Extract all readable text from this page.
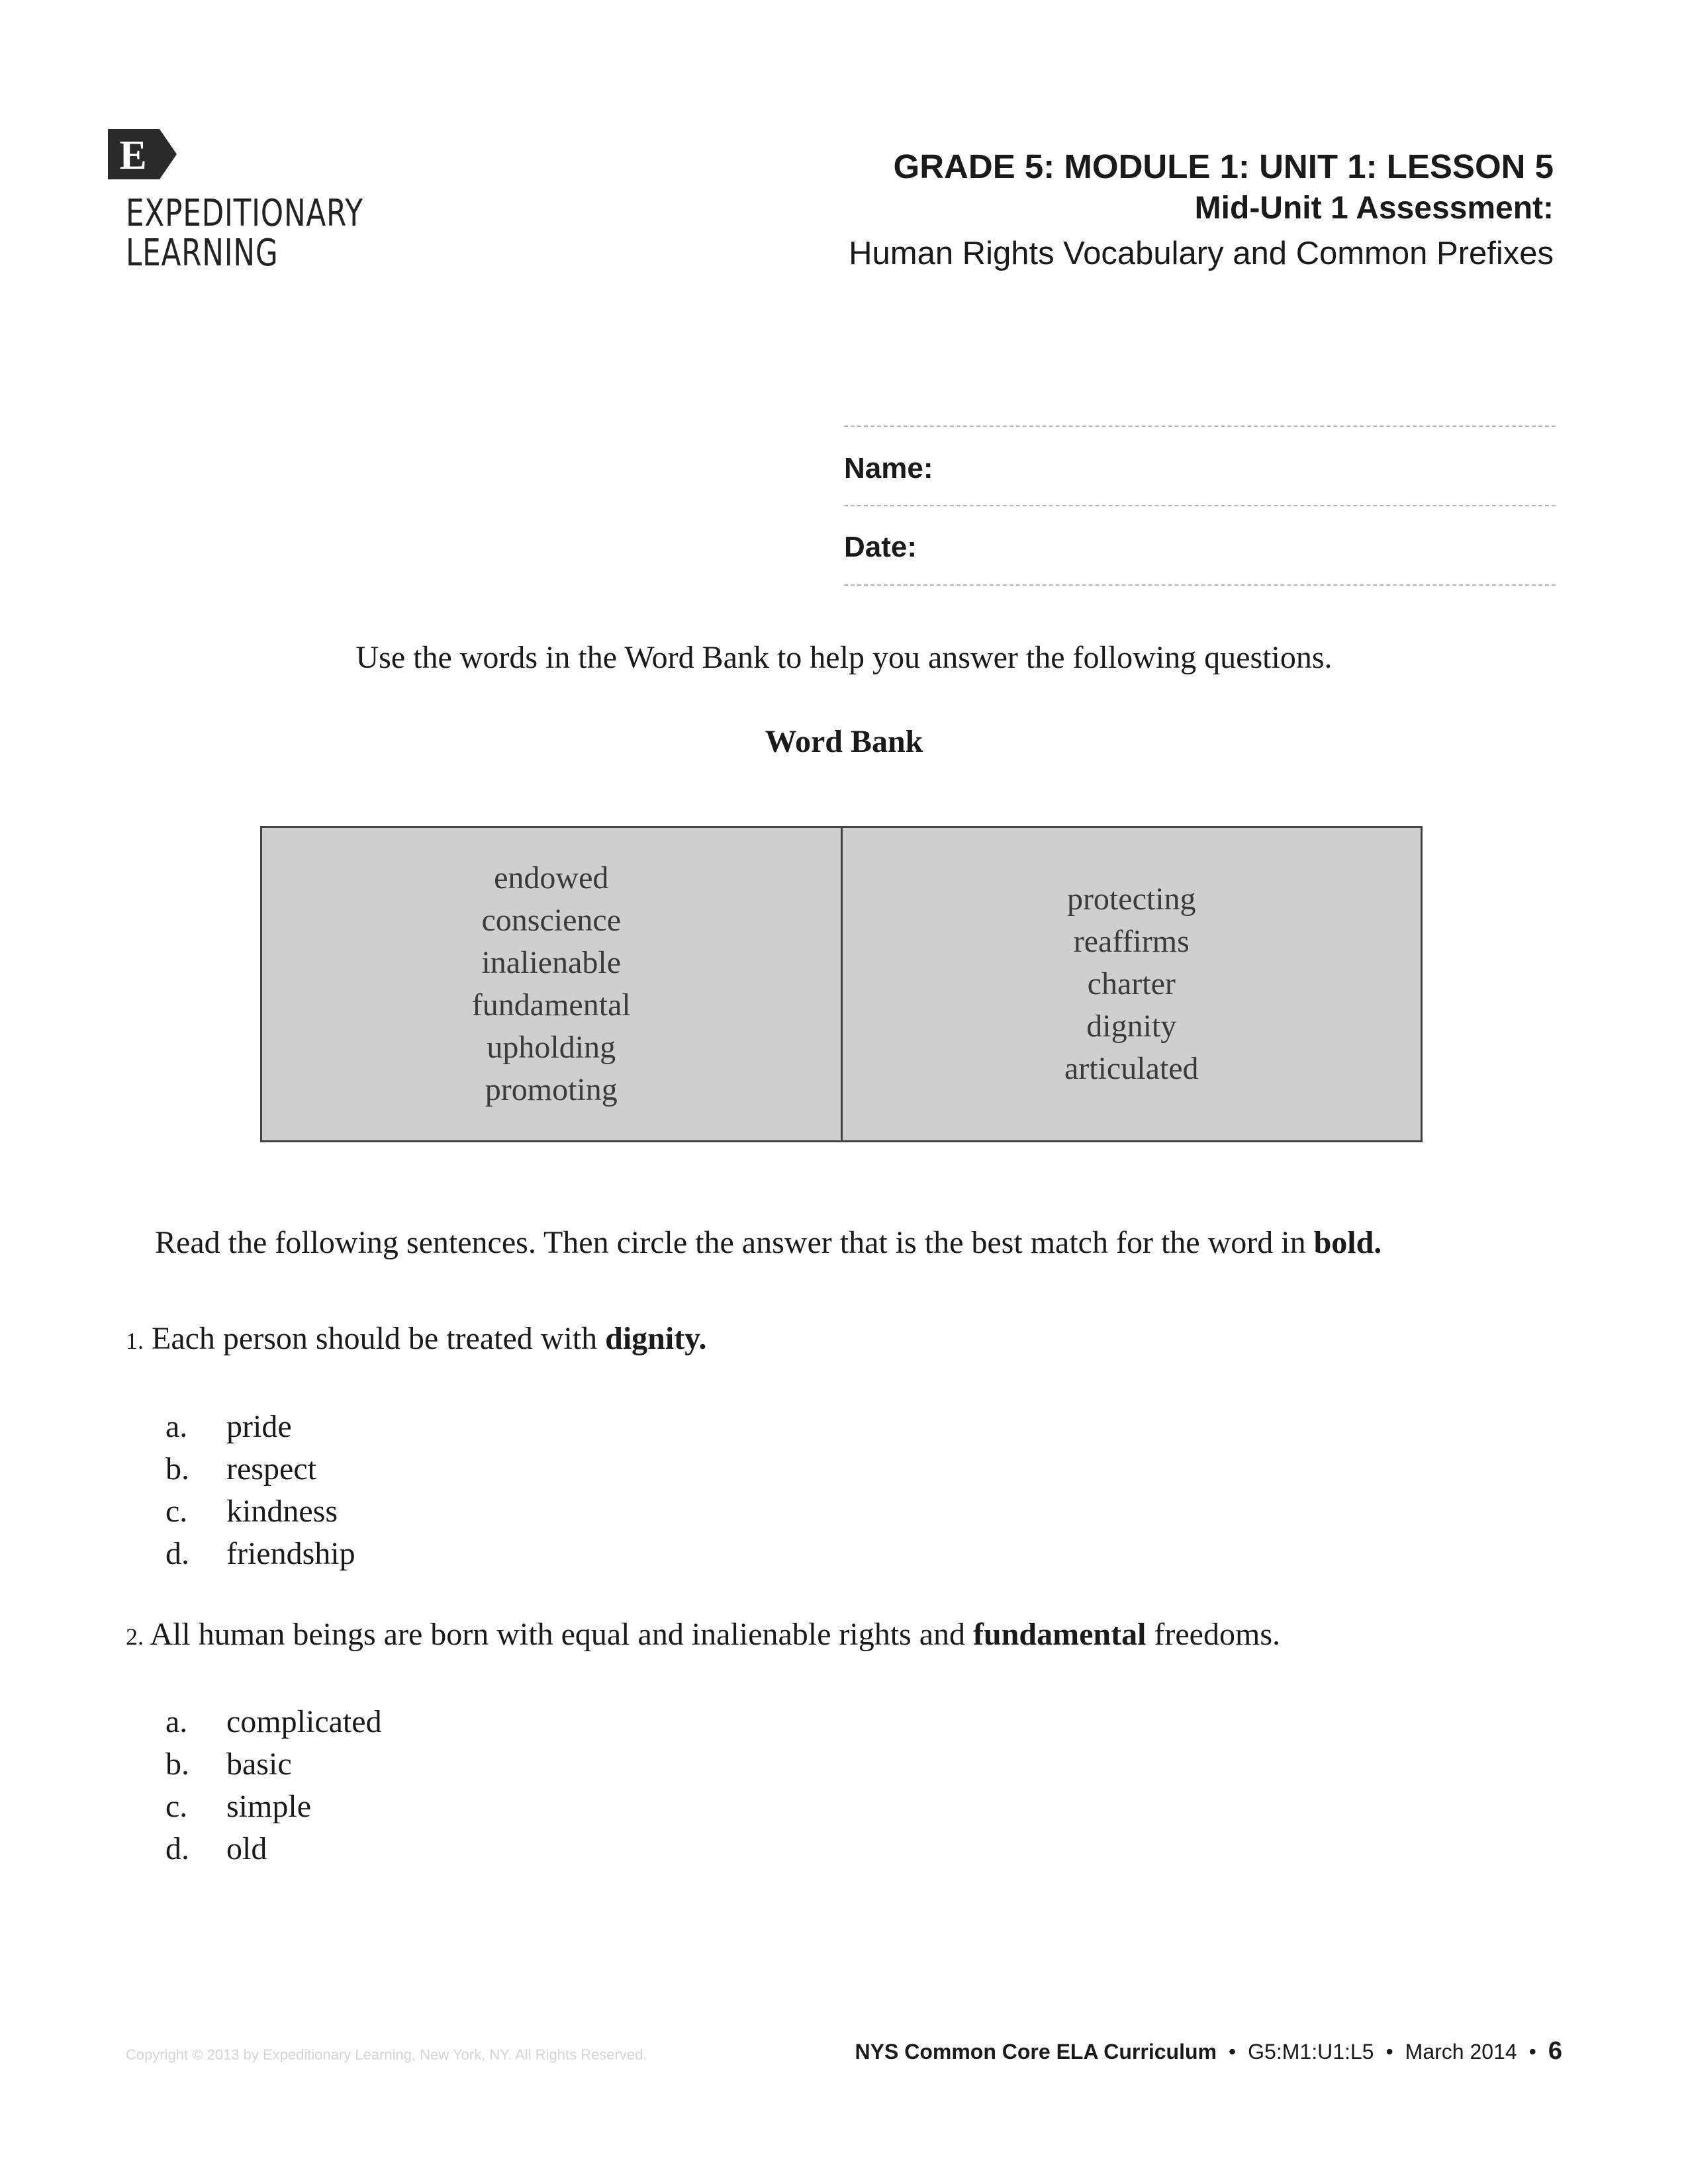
E
EXPEDITIONARY
LEARNING
GRADE 5: MODULE 1: UNIT 1: LESSON 5
Mid-Unit 1 Assessment:
Human Rights Vocabulary and Common Prefixes
Name:
Date:
Use the words in the Word Bank to help you answer the following questions.
Word Bank
endowed
conscience
inalienable
fundamental
upholding
promoting
protecting
reaffirms
charter
dignity
articulated
Read the following sentences. Then circle the answer that is the best match for the word in bold.
1. Each person should be treated with dignity.
a. pride
b. respect
c. kindness
d. friendship
2. All human beings are born with equal and inalienable rights and fundamental freedoms.
a. complicated
b. basic
c. simple
d. old
Copyright © 2013 by Expeditionary Learning, New York, NY. All Rights Reserved.	NYS Common Core ELA Curriculum • G5:M1:U1:L5 • March 2014 • 6
